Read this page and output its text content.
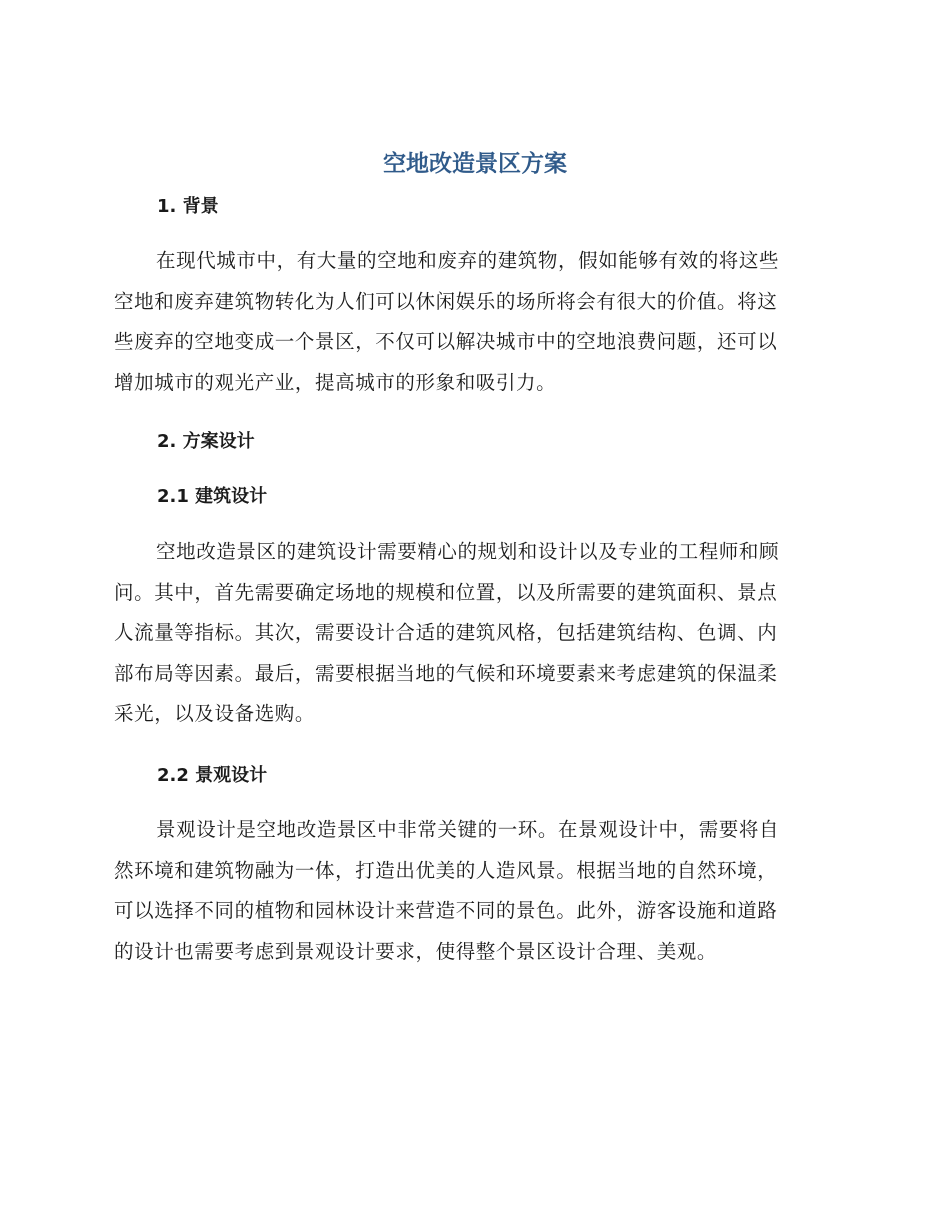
空地改造景区方案
1. 背景

在现代城市中，有大量的空地和废弃的建筑物，假如能够有效的将这些
空地和废弃建筑物转化为人们可以休闲娱乐的场所将会有很大的价值。将这
些废弃的空地变成一个景区，不仅可以解决城市中的空地浪费问题，还可以
增加城市的观光产业，提高城市的形象和吸引力。

2. 方案设计
2.1 建筑设计

空地改造景区的建筑设计需要精心的规划和设计以及专业的工程师和顾
问。其中，首先需要确定场地的规模和位置，以及所需要的建筑面积、景点
人流量等指标。其次，需要设计合适的建筑风格，包括建筑结构、色调、内
部布局等因素。最后，需要根据当地的气候和环境要素来考虑建筑的保温柔
采光，以及设备选购。

2.2 景观设计

景观设计是空地改造景区中非常关键的一环。在景观设计中，需要将自
然环境和建筑物融为一体，打造出优美的人造风景。根据当地的自然环境，
可以选择不同的植物和园林设计来营造不同的景色。此外，游客设施和道路
的设计也需要考虑到景观设计要求，使得整个景区设计合理、美观。
